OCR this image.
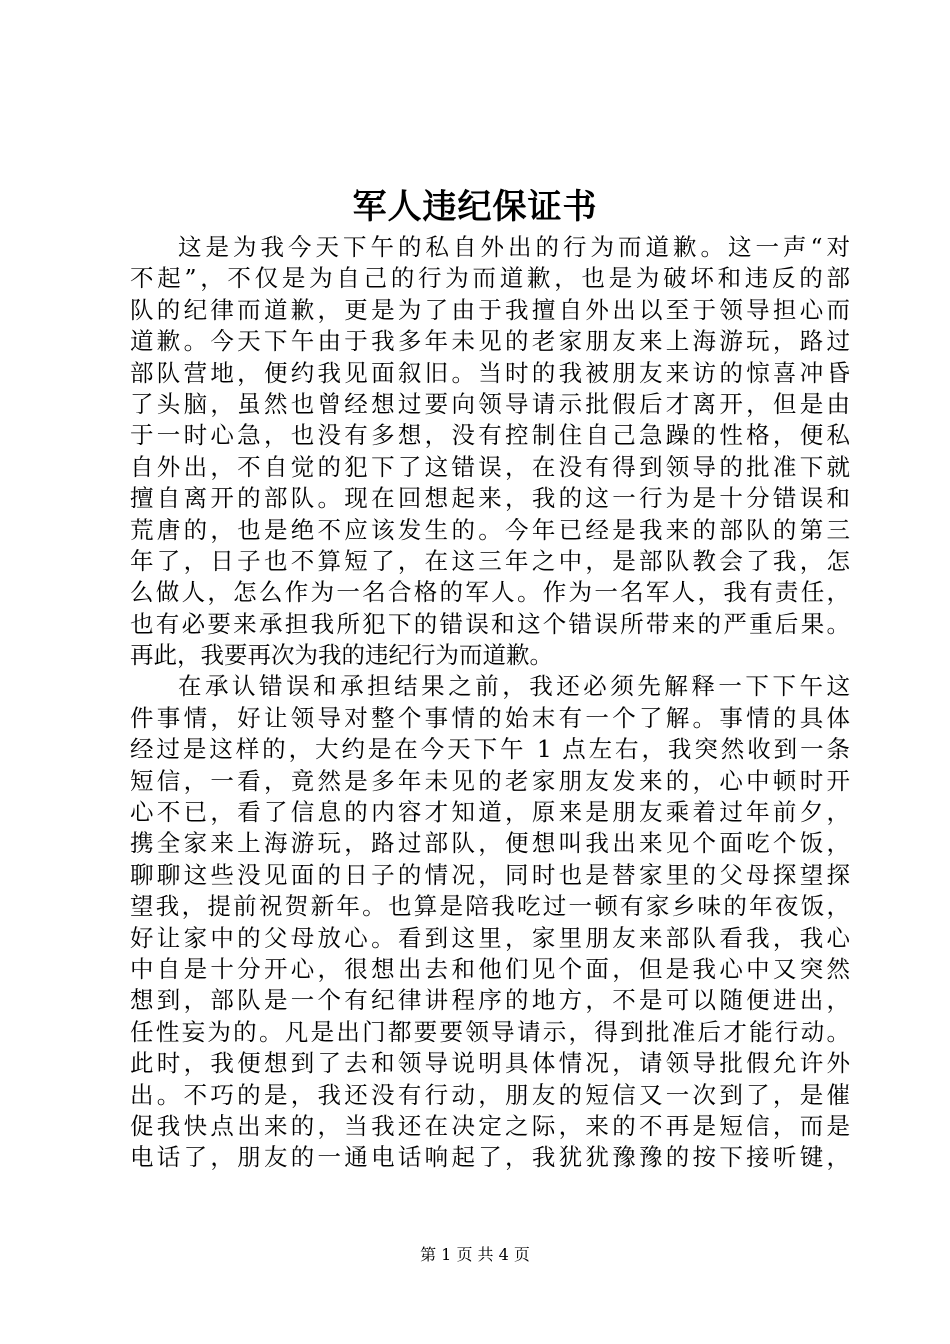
军人违纪保证书
这是为我今天下午的私自外出的行为而道歉。这一声“对
不起”，不仅是为自己的行为而道歉，也是为破坏和违反的部
队的纪律而道歉，更是为了由于我擅自外出以至于领导担心而
道歉。今天下午由于我多年未见的老家朋友来上海游玩，路过
部队营地，便约我见面叙旧。当时的我被朋友来访的惊喜冲昏
了头脑，虽然也曾经想过要向领导请示批假后才离开，但是由
于一时心急，也没有多想，没有控制住自己急躁的性格，便私
自外出，不自觉的犯下了这错误，在没有得到领导的批准下就
擅自离开的部队。现在回想起来，我的这一行为是十分错误和
荒唐的，也是绝不应该发生的。今年已经是我来的部队的第三
年了，日子也不算短了，在这三年之中，是部队教会了我，怎
么做人，怎么作为一名合格的军人。作为一名军人，我有责任，
也有必要来承担我所犯下的错误和这个错误所带来的严重后果。
再此，我要再次为我的违纪行为而道歉。
在承认错误和承担结果之前，我还必须先解释一下下午这
件事情，好让领导对整个事情的始末有一个了解。事情的具体
经过是这样的，大约是在今天下午 1 点左右，我突然收到一条
短信，一看，竟然是多年未见的老家朋友发来的，心中顿时开
心不已，看了信息的内容才知道，原来是朋友乘着过年前夕，
携全家来上海游玩，路过部队，便想叫我出来见个面吃个饭，
聊聊这些没见面的日子的情况，同时也是替家里的父母探望探
望我，提前祝贺新年。也算是陪我吃过一顿有家乡味的年夜饭，
好让家中的父母放心。看到这里，家里朋友来部队看我，我心
中自是十分开心，很想出去和他们见个面，但是我心中又突然
想到，部队是一个有纪律讲程序的地方，不是可以随便进出，
任性妄为的。凡是出门都要要领导请示，得到批准后才能行动。
此时，我便想到了去和领导说明具体情况，请领导批假允许外
出。不巧的是，我还没有行动，朋友的短信又一次到了，是催
促我快点出来的，当我还在决定之际，来的不再是短信，而是
电话了，朋友的一通电话响起了，我犹犹豫豫的按下接听键，
第 1 页 共 4 页
